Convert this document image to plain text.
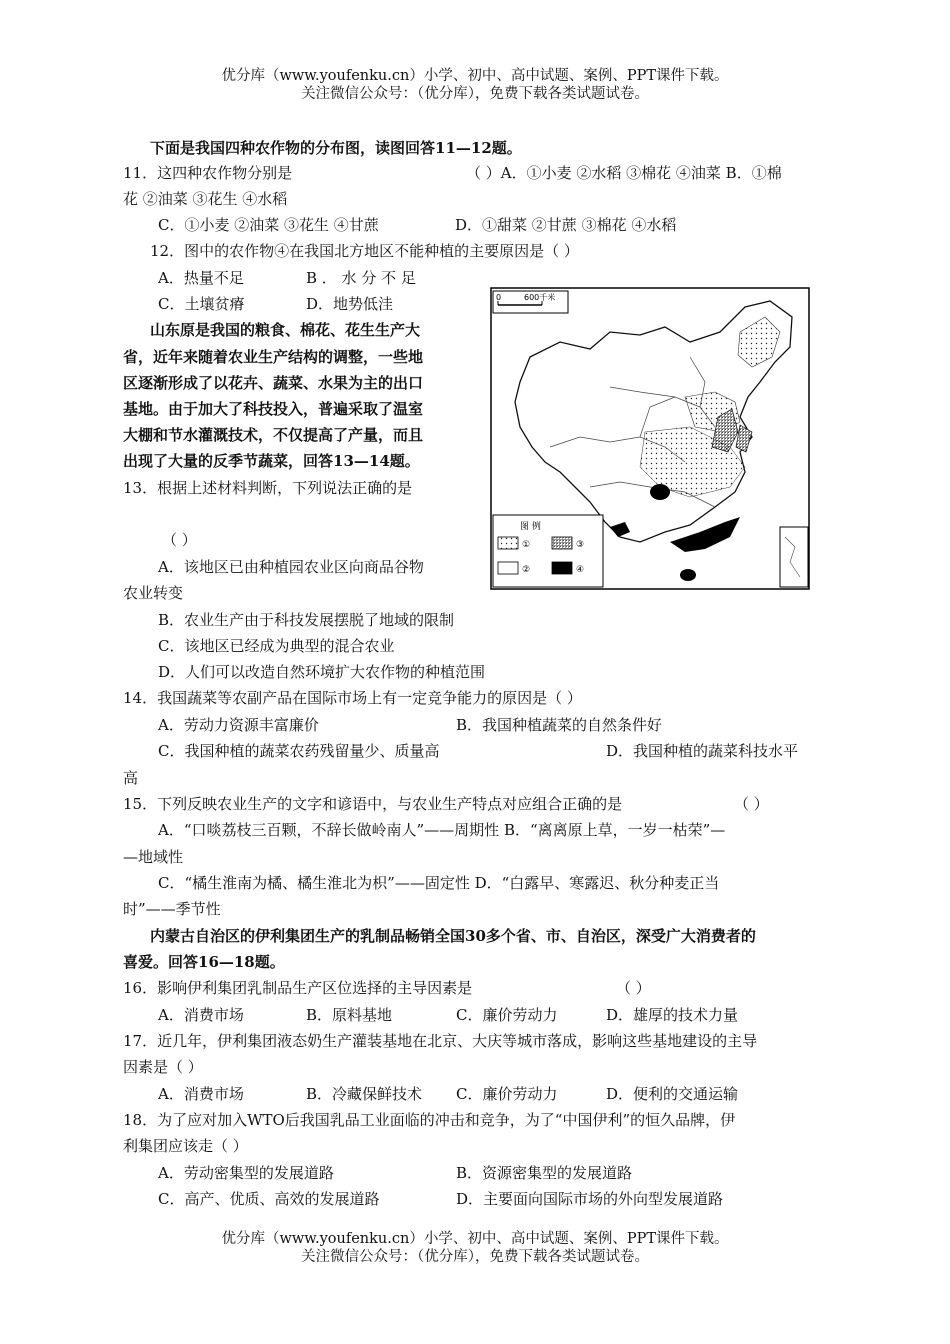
优分库（www.youfenku.cn）小学、初中、高中试题、案例、PPT课件下载。
关注微信公众号：（优分库），免费下载各类试题试卷。
下面是我国四种农作物的分布图，读图回答11—12题。
11．这四种农作物分别是	（ ）A．①小麦 ②水稻 ③棉花 ④油菜 B．①棉
花 ②油菜 ③花生 ④水稻
C．①小麦 ②油菜 ③花生 ④甘蔗	D．①甜菜 ②甘蔗 ③棉花 ④水稻
12．图中的农作物④在我国北方地区不能种植的主要原因是（ ）
A．热量不足	B ． 水 分 不 足
C．土壤贫瘠	D．地势低洼
山东原是我国的粮食、棉花、花生生产大
省，近年来随着农业生产结构的调整，一些地
区逐渐形成了以花卉、蔬菜、水果为主的出口
基地。由于加大了科技投入，普遍采取了温室
大棚和节水灌溉技术，不仅提高了产量，而且
出现了大量的反季节蔬菜，回答13—14题。
13．根据上述材料判断，下列说法正确的是
（ ）
A．该地区已由种植园农业区向商品谷物
农业转变
B．农业生产由于科技发展摆脱了地域的限制
C．该地区已经成为典型的混合农业
D．人们可以改造自然环境扩大农作物的种植范围
14．我国蔬菜等农副产品在国际市场上有一定竞争能力的原因是（ ）
A．劳动力资源丰富廉价	B．我国种植蔬菜的自然条件好
C．我国种植的蔬菜农药残留量少、质量高	D．我国种植的蔬菜科技水平
高
15．下列反映农业生产的文字和谚语中，与农业生产特点对应组合正确的是	（ ）
A．“口啖荔枝三百颗，不辞长做岭南人”——周期性 B．“离离原上草，一岁一枯荣”—
—地域性
C．“橘生淮南为橘、橘生淮北为枳”——固定性 D．“白露早、寒露迟、秋分种麦正当
时”——季节性
内蒙古自治区的伊利集团生产的乳制品畅销全国30多个省、市、自治区，深受广大消费者的
喜爱。回答16—18题。
16．影响伊利集团乳制品生产区位选择的主导因素是	（ ）
A．消费市场	B．原料基地	C．廉价劳动力	D．雄厚的技术力量
17．近几年，伊利集团液态奶生产灌装基地在北京、大庆等城市落成，影响这些基地建设的主导
因素是（ ）
A．消费市场	B．冷藏保鲜技术 C．廉价劳动力	D．便利的交通运输
18．为了应对加入WTO后我国乳品工业面临的冲击和竞争，为了“中国伊利”的恒久品牌，伊
利集团应该走（ ）
A．劳动密集型的发展道路	B．资源密集型的发展道路
C．高产、优质、高效的发展道路	D．主要面向国际市场的外向型发展道路
0	600千米
图 例
①	③
②	④
优分库（www.youfenku.cn）小学、初中、高中试题、案例、PPT课件下载。
关注微信公众号：（优分库），免费下载各类试题试卷。
